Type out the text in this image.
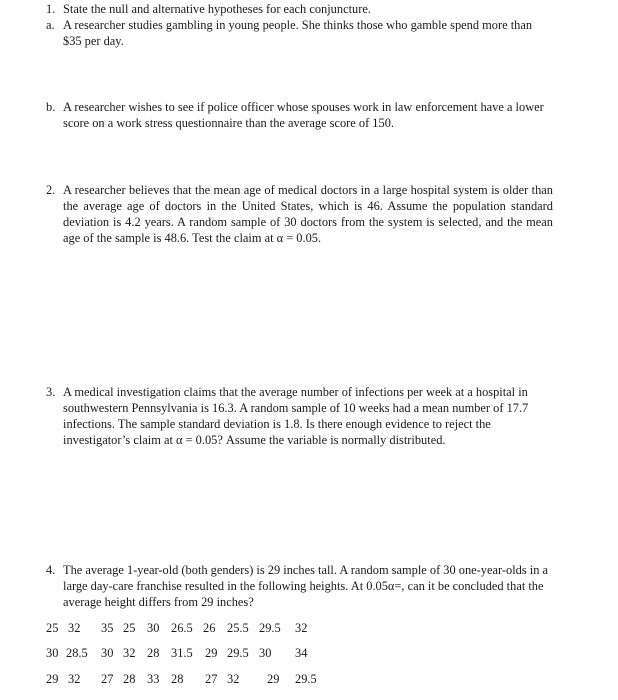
1. State the null and alternative hypotheses for each conjuncture.
a. A researcher studies gambling in young people. She thinks those who gamble spend more than $35 per day.
b. A researcher wishes to see if police officer whose spouses work in law enforcement have a lower score on a work stress questionnaire than the average score of 150.
2. A researcher believes that the mean age of medical doctors in a large hospital system is older than the average age of doctors in the United States, which is 46. Assume the population standard deviation is 4.2 years. A random sample of 30 doctors from the system is selected, and the mean age of the sample is 48.6. Test the claim at α = 0.05.
3. A medical investigation claims that the average number of infections per week at a hospital in southwestern Pennsylvania is 16.3. A random sample of 10 weeks had a mean number of 17.7 infections. The sample standard deviation is 1.8. Is there enough evidence to reject the investigator’s claim at α = 0.05? Assume the variable is normally distributed.
4. The average 1-year-old (both genders) is 29 inches tall. A random sample of 30 one-year-olds in a large day-care franchise resulted in the following heights. At 0.05α=, can it be concluded that the average height differs from 29 inches?
25 32 35 25 30 26.5 26 25.5 29.5 32
30 28.5 30 32 28 31.5 29 29.5 30 34
29 32 27 28 33 28 27 32 29 29.5
